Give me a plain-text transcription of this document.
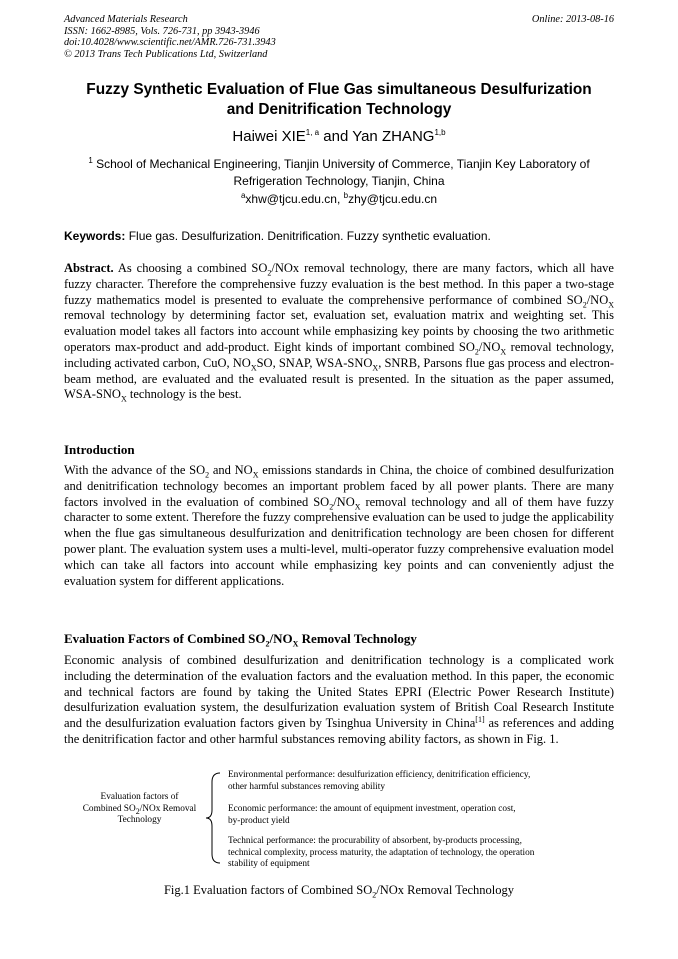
Advanced Materials Research
ISSN: 1662-8985, Vols. 726-731, pp 3943-3946
doi:10.4028/www.scientific.net/AMR.726-731.3943
© 2013 Trans Tech Publications Ltd, Switzerland
Online: 2013-08-16
Fuzzy Synthetic Evaluation of Flue Gas simultaneous Desulfurization
and Denitrification Technology
Haiwei XIE$^{1, a}$ and Yan ZHANG$^{1,b}$
$^1$ School of Mechanical Engineering, Tianjin University of Commerce, Tianjin Key Laboratory of
Refrigeration Technology, Tianjin, China
$^a$xhw@tjcu.edu.cn, $^b$zhy@tjcu.edu.cn
Keywords: Flue gas. Desulfurization. Denitrification. Fuzzy synthetic evaluation.
Abstract. As choosing a combined $SO_2$/NOx removal technology, there are many factors, which all have fuzzy character. Therefore the comprehensive fuzzy evaluation is the best method. In this paper a two-stage fuzzy mathematics model is presented to evaluate the comprehensive performance of combined $SO_2/NO_X$ removal technology by determining factor set, evaluation set, evaluation matrix and weighting set. This evaluation model takes all factors into account while emphasizing key points by choosing the two arithmetic operators max-product and add-product. Eight kinds of important combined $SO_2/NO_X$ removal technology, including activated carbon, CuO, $NO_XSO$, SNAP, WSA-$SNO_X$, SNRB, Parsons flue gas process and electron-beam method, are evaluated and the evaluated result is presented. In the situation as the paper assumed, WSA-$SNO_X$ technology is the best.
Introduction
With the advance of the $SO_2$ and $NO_X$ emissions standards in China, the choice of combined desulfurization and denitrification technology becomes an important problem faced by all power plants. There are many factors involved in the evaluation of combined $SO_2/NO_X$ removal technology and all of them have fuzzy character to some extent. Therefore the fuzzy comprehensive evaluation can be used to judge the applicability when the flue gas simultaneous desulfurization and denitrification technology are been chosen for different power plant. The evaluation system uses a multi-level, multi-operator fuzzy comprehensive evaluation model which can take all factors into account while emphasizing key points and can conveniently adjust the evaluation system for different applications.
Evaluation Factors of Combined $SO_2/NO_X$ Removal Technology
Economic analysis of combined desulfurization and denitrification technology is a complicated work including the determination of the evaluation factors and the evaluation method. In this paper, the economic and technical factors are found by taking the United States EPRI (Electric Power Research Institute) desulfurization evaluation system, the desulfurization evaluation system of British Coal Research Institute and the desulfurization evaluation factors given by Tsinghua University in China[1] as references and adding the denitrification factor and other harmful substances removing ability factors, as shown in Fig. 1.
Evaluation factors of
Combined $SO_2$/NOx Removal
Technology
Environmental performance: desulfurization efficiency, denitrification efficiency,
other harmful substances removing ability
Economic performance: the amount of equipment investment, operation cost,
by-product yield
Technical performance: the procurability of absorbent, by-products processing,
technical complexity, process maturity, the adaptation of technology, the operation
stability of equipment
Fig.1 Evaluation factors of Combined $SO_2$/NOx Removal Technology
